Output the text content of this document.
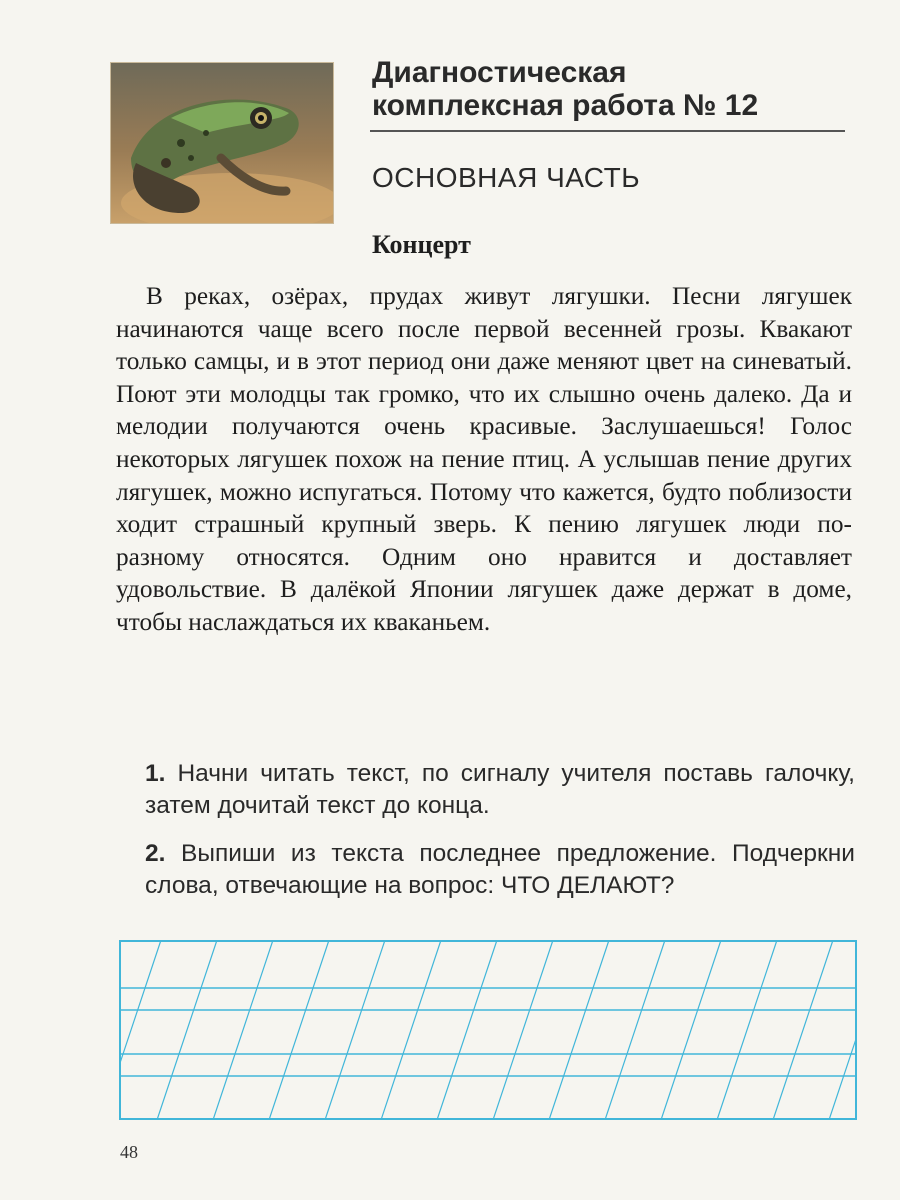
Диагностическая
комплексная работа № 12
ОСНОВНАЯ ЧАСТЬ
Концерт

В реках, озёрах, прудах живут лягушки. Песни лягушек начинаются чаще всего после первой весенней грозы. Квакают только самцы, и в этот период они даже меняют цвет на синеватый. Поют эти молодцы так громко, что их слышно очень далеко. Да и мелодии получаются очень красивые. Заслушаешься! Голос некоторых лягушек похож на пение птиц. А услышав пение других лягушек, можно испугаться. Потому что кажется, будто поблизости ходит страшный крупный зверь. К пению лягушек люди по-разному относятся. Одним оно нравится и доставляет удовольствие. В далёкой Японии лягушек даже держат в доме, чтобы наслаждаться их кваканьем.

1. Начни читать текст, по сигналу учителя поставь галочку, затем дочитай текст до конца.
2. Выпиши из текста последнее предложение. Подчеркни слова, отвечающие на вопрос: ЧТО ДЕЛАЮТ?
48
